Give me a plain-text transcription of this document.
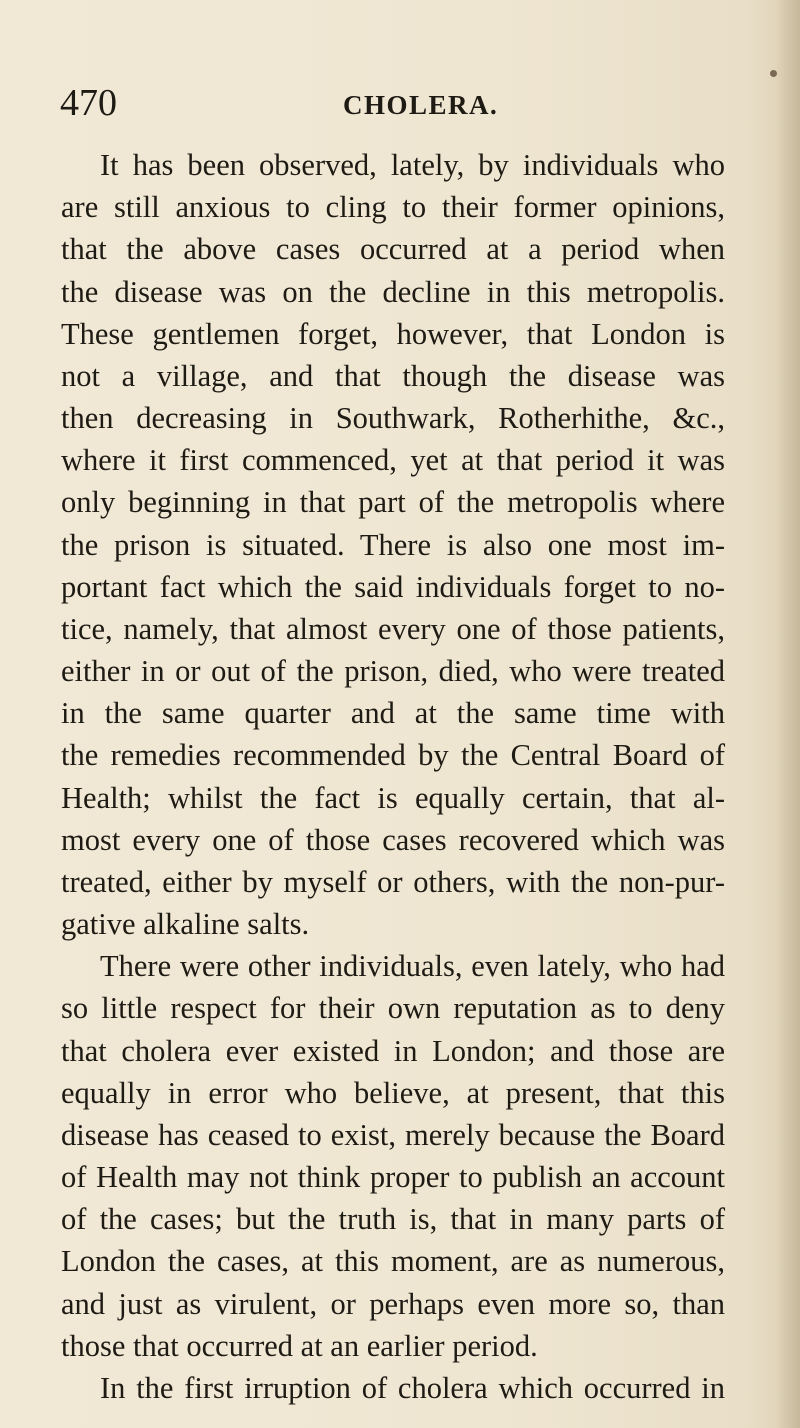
470	CHOLERA.
It has been observed, lately, by individuals who
are still anxious to cling to their former opinions,
that the above cases occurred at a period when
the disease was on the decline in this metropolis.
These gentlemen forget, however, that London is
not a village, and that though the disease was
then decreasing in Southwark, Rotherhithe, &c.,
where it first commenced, yet at that period it was
only beginning in that part of the metropolis where
the prison is situated. There is also one most im-
portant fact which the said individuals forget to no-
tice, namely, that almost every one of those patients,
either in or out of the prison, died, who were treated
in the same quarter and at the same time with
the remedies recommended by the Central Board of
Health; whilst the fact is equally certain, that al-
most every one of those cases recovered which was
treated, either by myself or others, with the non-pur-
gative alkaline salts.
There were other individuals, even lately, who had
so little respect for their own reputation as to deny
that cholera ever existed in London; and those are
equally in error who believe, at present, that this
disease has ceased to exist, merely because the Board
of Health may not think proper to publish an account
of the cases; but the truth is, that in many parts of
London the cases, at this moment, are as numerous,
and just as virulent, or perhaps even more so, than
those that occurred at an earlier period.
In the first irruption of cholera which occurred in
